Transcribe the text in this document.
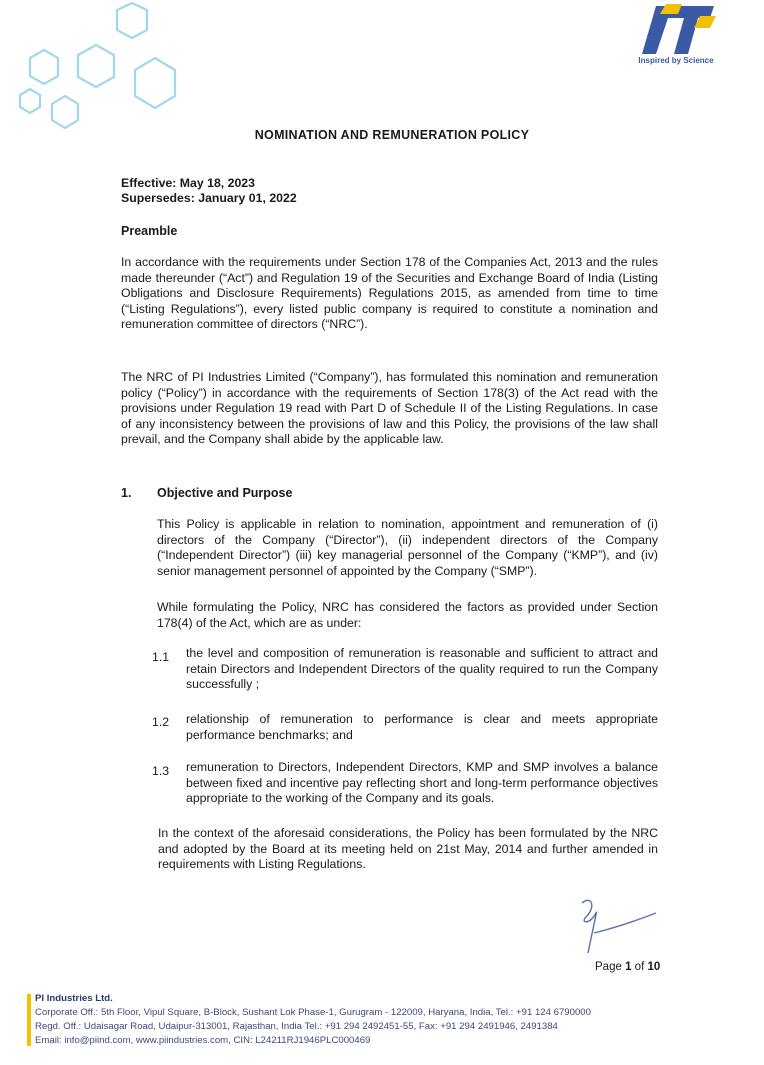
PI
Inspired by Science
NOMINATION AND REMUNERATION POLICY
Effective: May 18, 2023
Supersedes: January 01, 2022
Preamble
In accordance with the requirements under Section 178 of the Companies Act, 2013 and the rules made thereunder (“Act”) and Regulation 19 of the Securities and Exchange Board of India (Listing Obligations and Disclosure Requirements) Regulations 2015, as amended from time to time (“Listing Regulations”), every listed public company is required to constitute a nomination and remuneration committee of directors (“NRC”).
The NRC of PI Industries Limited (“Company”), has formulated this nomination and remuneration policy (“Policy”) in accordance with the requirements of Section 178(3) of the Act read with the provisions under Regulation 19 read with Part D of Schedule II of the Listing Regulations. In case of any inconsistency between the provisions of law and this Policy, the provisions of the law shall prevail, and the Company shall abide by the applicable law.
1. Objective and Purpose
This Policy is applicable in relation to nomination, appointment and remuneration of (i) directors of the Company (“Director”), (ii) independent directors of the Company (“Independent Director”) (iii) key managerial personnel of the Company (“KMP”), and (iv) senior management personnel of appointed by the Company (“SMP”).
While formulating the Policy, NRC has considered the factors as provided under Section 178(4) of the Act, which are as under:
1.1 the level and composition of remuneration is reasonable and sufficient to attract and retain Directors and Independent Directors of the quality required to run the Company successfully ;
1.2 relationship of remuneration to performance is clear and meets appropriate performance benchmarks; and
1.3 remuneration to Directors, Independent Directors, KMP and SMP involves a balance between fixed and incentive pay reflecting short and long-term performance objectives appropriate to the working of the Company and its goals.
In the context of the aforesaid considerations, the Policy has been formulated by the NRC and adopted by the Board at its meeting held on 21st May, 2014 and further amended in requirements with Listing Regulations.
Page 1 of 10
PI Industries Ltd.
Corporate Off.: 5th Floor, Vipul Square, B-Block, Sushant Lok Phase-1, Gurugram - 122009, Haryana, India, Tel.: +91 124 6790000
Regd. Off.: Udaisagar Road, Udaipur-313001, Rajasthan, India Tel.: +91 294 2492451-55, Fax: +91 294 2491946, 2491384
Email: info@piind.com, www.piindustries.com, CIN: L24211RJ1946PLC000469
